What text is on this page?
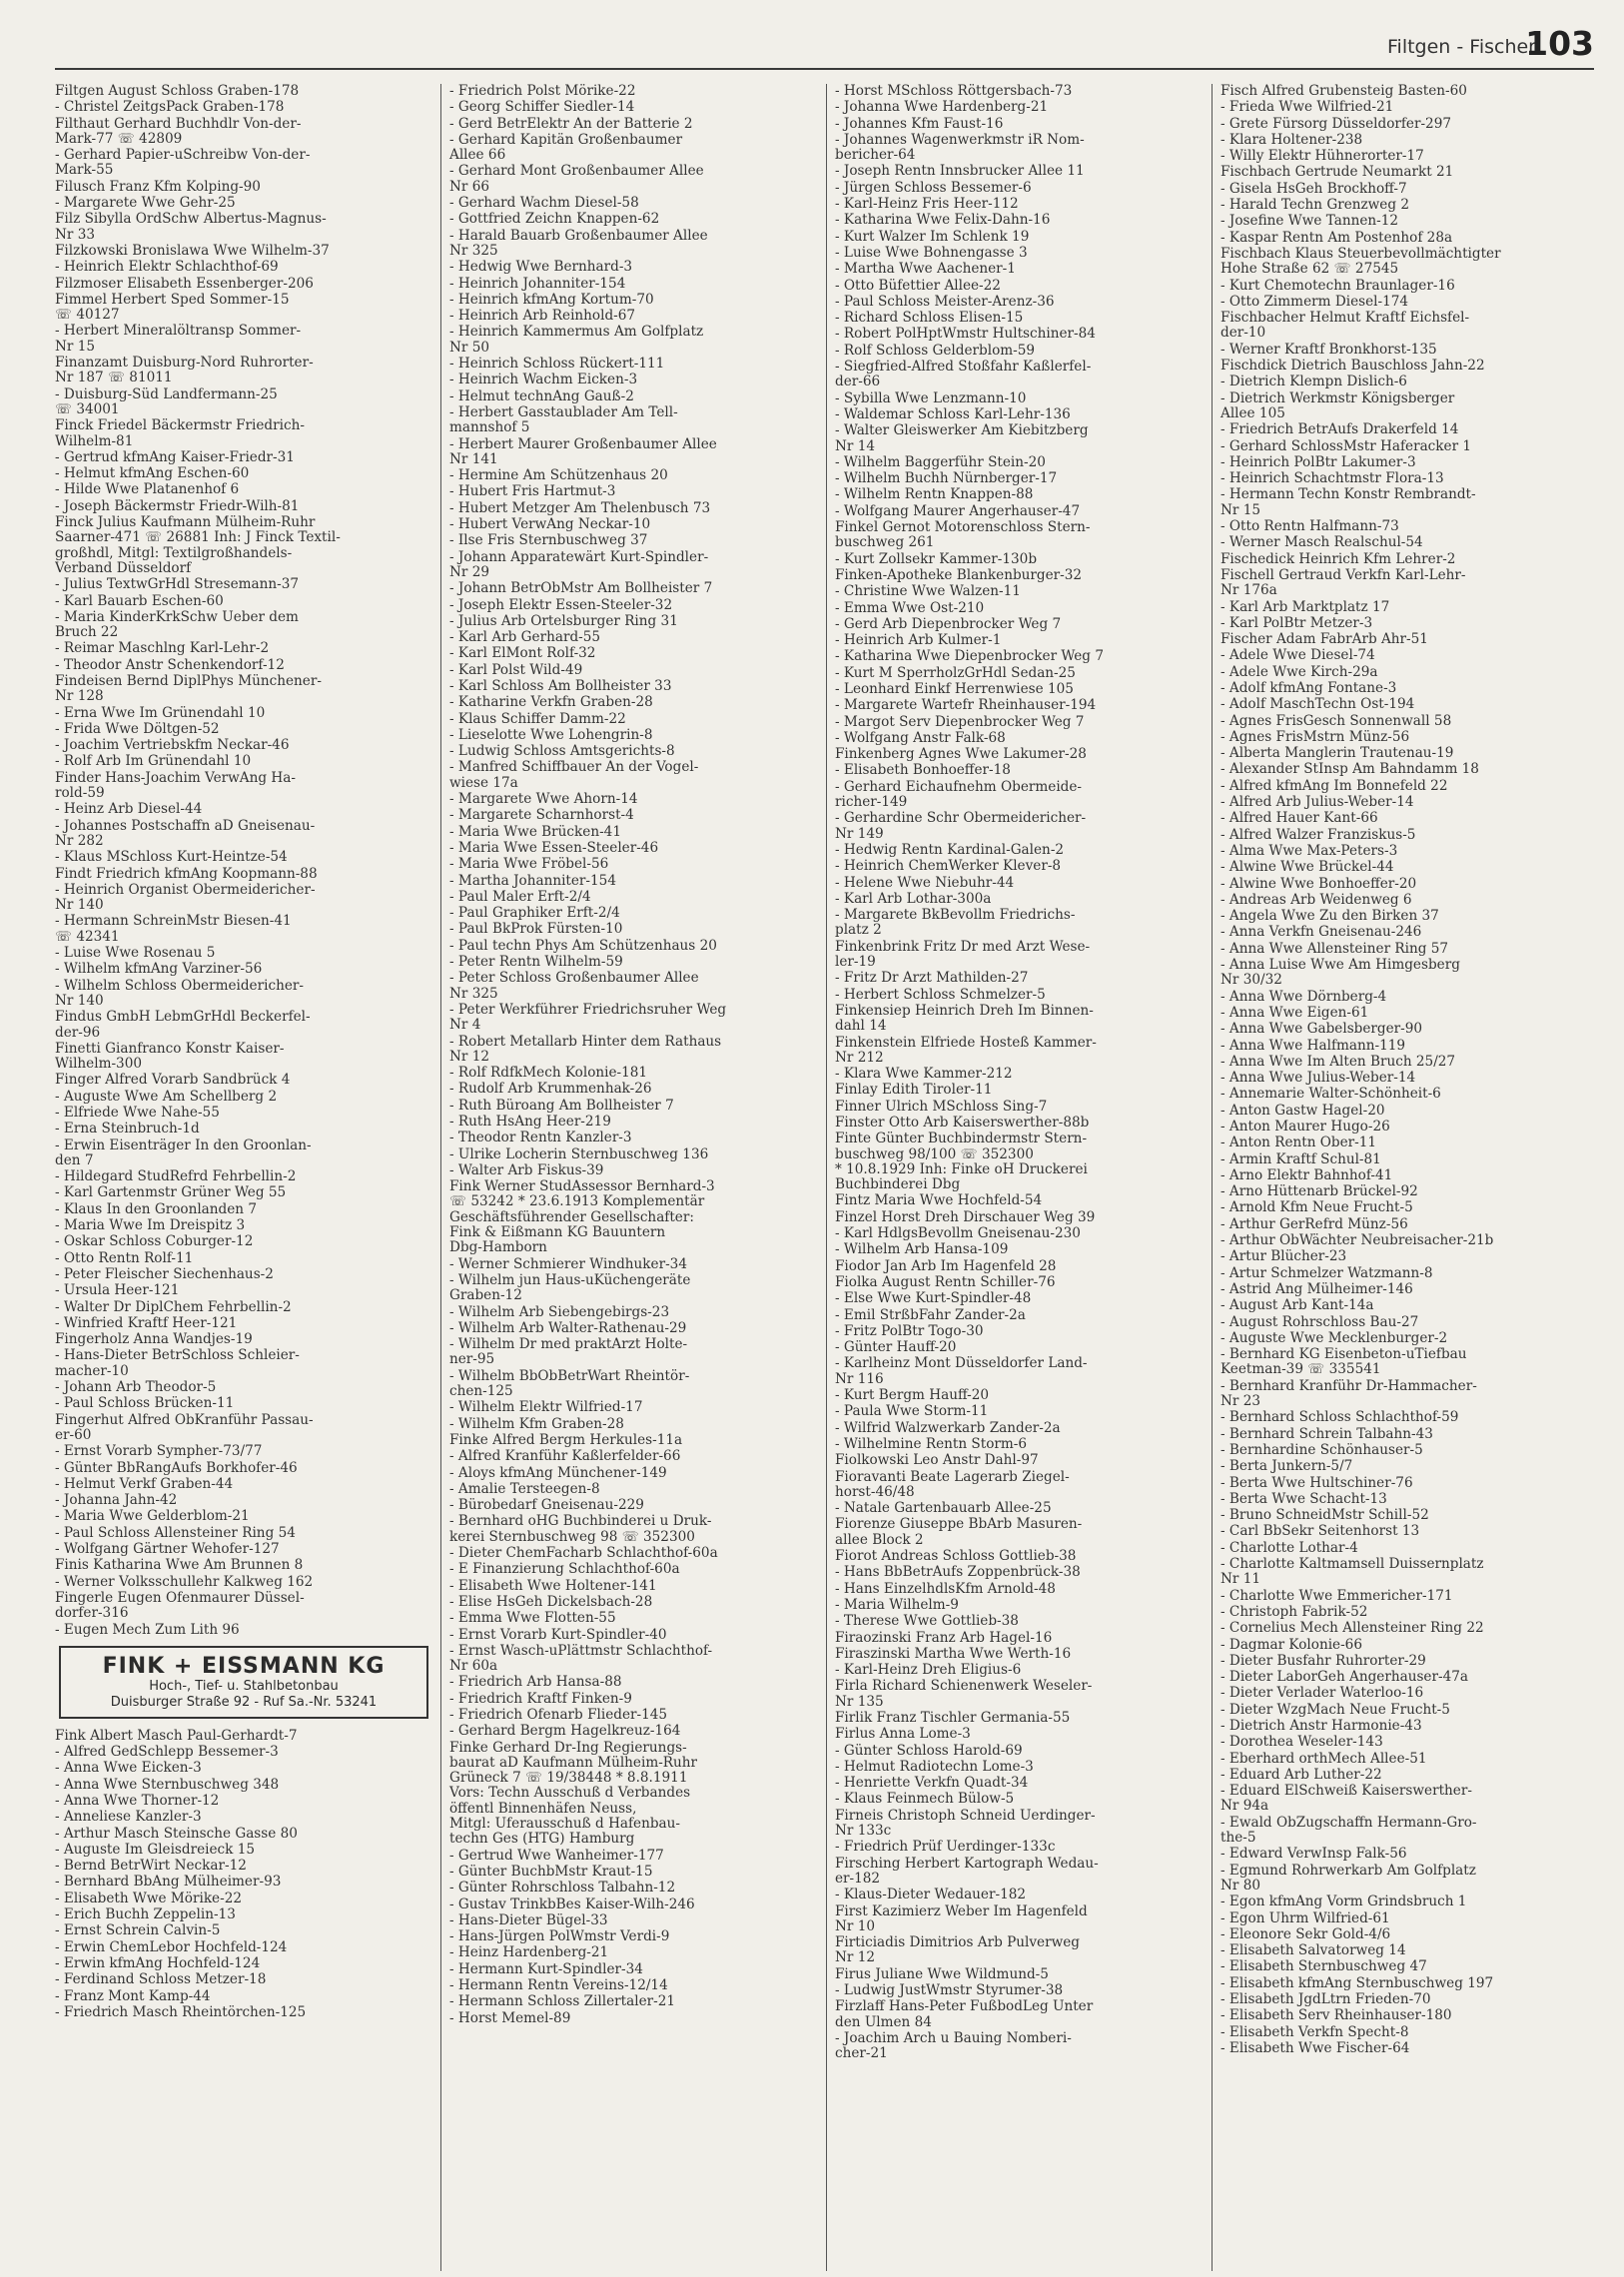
Filtgen - Fischer
103
Filtgen August Schloss Graben-178
- Christel ZeitgsPack Graben-178
Filthaut Gerhard Buchhdlr Von-der-
Mark-77 ☏ 42809
- Gerhard Papier-uSchreibw Von-der-
Mark-55
Filusch Franz Kfm Kolping-90
- Margarete Wwe Gehr-25
Filz Sibylla OrdSchw Albertus-Magnus-
Nr 33
Filzkowski Bronislawa Wwe Wilhelm-37
- Heinrich Elektr Schlachthof-69
Filzmoser Elisabeth Essenberger-206
Fimmel Herbert Sped Sommer-15
☏ 40127
- Herbert Mineralöltransp Sommer-
Nr 15
Finanzamt Duisburg-Nord Ruhrorter-
Nr 187 ☏ 81011
- Duisburg-Süd Landfermann-25
☏ 34001
Finck Friedel Bäckermstr Friedrich-
Wilhelm-81
- Gertrud kfmAng Kaiser-Friedr-31
- Helmut kfmAng Eschen-60
- Hilde Wwe Platanenhof 6
- Joseph Bäckermstr Friedr-Wilh-81
Finck Julius Kaufmann Mülheim-Ruhr
Saarner-471 ☏ 26881 Inh: J Finck Textil-
großhdl, Mitgl: Textilgroßhandels-
Verband Düsseldorf
- Julius TextwGrHdl Stresemann-37
- Karl Bauarb Eschen-60
- Maria KinderKrkSchw Ueber dem
Bruch 22
- Reimar Maschlng Karl-Lehr-2
- Theodor Anstr Schenkendorf-12
Findeisen Bernd DiplPhys Münchener-
Nr 128
- Erna Wwe Im Grünendahl 10
- Frida Wwe Döltgen-52
- Joachim Vertriebskfm Neckar-46
- Rolf Arb Im Grünendahl 10
Finder Hans-Joachim VerwAng Ha-
rold-59
- Heinz Arb Diesel-44
- Johannes Postschaffn aD Gneisenau-
Nr 282
- Klaus MSchloss Kurt-Heintze-54
Findt Friedrich kfmAng Koopmann-88
- Heinrich Organist Obermeidericher-
Nr 140
- Hermann SchreinMstr Biesen-41
☏ 42341
- Luise Wwe Rosenau 5
- Wilhelm kfmAng Varziner-56
- Wilhelm Schloss Obermeidericher-
Nr 140
Findus GmbH LebmGrHdl Beckerfel-
der-96
Finetti Gianfranco Konstr Kaiser-
Wilhelm-300
Finger Alfred Vorarb Sandbrück 4
- Auguste Wwe Am Schellberg 2
- Elfriede Wwe Nahe-55
- Erna Steinbruch-1d
- Erwin Eisenträger In den Groonlan-
den 7
- Hildegard StudRefrd Fehrbellin-2
- Karl Gartenmstr Grüner Weg 55
- Klaus In den Groonlanden 7
- Maria Wwe Im Dreispitz 3
- Oskar Schloss Coburger-12
- Otto Rentn Rolf-11
- Peter Fleischer Siechenhaus-2
- Ursula Heer-121
- Walter Dr DiplChem Fehrbellin-2
- Winfried Kraftf Heer-121
Fingerholz Anna Wandjes-19
- Hans-Dieter BetrSchloss Schleier-
macher-10
- Johann Arb Theodor-5
- Paul Schloss Brücken-11
Fingerhut Alfred ObKranführ Passau-
er-60
- Ernst Vorarb Sympher-73/77
- Günter BbRangAufs Borkhofer-46
- Helmut Verkf Graben-44
- Johanna Jahn-42
- Maria Wwe Gelderblom-21
- Paul Schloss Allensteiner Ring 54
- Wolfgang Gärtner Wehofer-127
Finis Katharina Wwe Am Brunnen 8
- Werner Volksschullehr Kalkweg 162
Fingerle Eugen Ofenmaurer Düssel-
dorfer-316
- Eugen Mech Zum Lith 96
FINK + EISSMANN KG
Hoch-, Tief- u. Stahlbetonbau
Duisburger Straße 92 - Ruf Sa.-Nr. 53241
Fink Albert Masch Paul-Gerhardt-7
- Alfred GedSchlepp Bessemer-3
- Anna Wwe Eicken-3
- Anna Wwe Sternbuschweg 348
- Anna Wwe Thorner-12
- Anneliese Kanzler-3
- Arthur Masch Steinsche Gasse 80
- Auguste Im Gleisdreieck 15
- Bernd BetrWirt Neckar-12
- Bernhard BbAng Mülheimer-93
- Elisabeth Wwe Mörike-22
- Erich Buchh Zeppelin-13
- Ernst Schrein Calvin-5
- Erwin ChemLebor Hochfeld-124
- Erwin kfmAng Hochfeld-124
- Ferdinand Schloss Metzer-18
- Franz Mont Kamp-44
- Friedrich Masch Rheintörchen-125
- Friedrich Polst Mörike-22
- Georg Schiffer Siedler-14
- Gerd BetrElektr An der Batterie 2
- Gerhard Kapitän Großenbaumer
Allee 66
- Gerhard Mont Großenbaumer Allee
Nr 66
- Gerhard Wachm Diesel-58
- Gottfried Zeichn Knappen-62
- Harald Bauarb Großenbaumer Allee
Nr 325
- Hedwig Wwe Bernhard-3
- Heinrich Johanniter-154
- Heinrich kfmAng Kortum-70
- Heinrich Arb Reinhold-67
- Heinrich Kammermus Am Golfplatz
Nr 50
- Heinrich Schloss Rückert-111
- Heinrich Wachm Eicken-3
- Helmut technAng Gauß-2
- Herbert Gasstaublader Am Tell-
mannshof 5
- Herbert Maurer Großenbaumer Allee
Nr 141
- Hermine Am Schützenhaus 20
- Hubert Fris Hartmut-3
- Hubert Metzger Am Thelenbusch 73
- Hubert VerwAng Neckar-10
- Ilse Fris Sternbuschweg 37
- Johann Apparatewärt Kurt-Spindler-
Nr 29
- Johann BetrObMstr Am Bollheister 7
- Joseph Elektr Essen-Steeler-32
- Julius Arb Ortelsburger Ring 31
- Karl Arb Gerhard-55
- Karl ElMont Rolf-32
- Karl Polst Wild-49
- Karl Schloss Am Bollheister 33
- Katharine Verkfn Graben-28
- Klaus Schiffer Damm-22
- Lieselotte Wwe Lohengrin-8
- Ludwig Schloss Amtsgerichts-8
- Manfred Schiffbauer An der Vogel-
wiese 17a
- Margarete Wwe Ahorn-14
- Margarete Scharnhorst-4
- Maria Wwe Brücken-41
- Maria Wwe Essen-Steeler-46
- Maria Wwe Fröbel-56
- Martha Johanniter-154
- Paul Maler Erft-2/4
- Paul Graphiker Erft-2/4
- Paul BkProk Fürsten-10
- Paul techn Phys Am Schützenhaus 20
- Peter Rentn Wilhelm-59
- Peter Schloss Großenbaumer Allee
Nr 325
- Peter Werkführer Friedrichsruher Weg
Nr 4
- Robert Metallarb Hinter dem Rathaus
Nr 12
- Rolf RdfkMech Kolonie-181
- Rudolf Arb Krummenhak-26
- Ruth Büroang Am Bollheister 7
- Ruth HsAng Heer-219
- Theodor Rentn Kanzler-3
- Ulrike Locherin Sternbuschweg 136
- Walter Arb Fiskus-39
Fink Werner StudAssessor Bernhard-3
☏ 53242 * 23.6.1913 Komplementär
Geschäftsführender Gesellschafter:
Fink & Eißmann KG Bauuntern
Dbg-Hamborn
- Werner Schmierer Windhuker-34
- Wilhelm jun Haus-uKüchengeräte
Graben-12
- Wilhelm Arb Siebengebirgs-23
- Wilhelm Arb Walter-Rathenau-29
- Wilhelm Dr med praktArzt Holte-
ner-95
- Wilhelm BbObBetrWart Rheintör-
chen-125
- Wilhelm Elektr Wilfried-17
- Wilhelm Kfm Graben-28
Finke Alfred Bergm Herkules-11a
- Alfred Kranführ Kaßlerfelder-66
- Aloys kfmAng Münchener-149
- Amalie Tersteegen-8
- Bürobedarf Gneisenau-229
- Bernhard oHG Buchbinderei u Druk-
kerei Sternbuschweg 98 ☏ 352300
- Dieter ChemFacharb Schlachthof-60a
- E Finanzierung Schlachthof-60a
- Elisabeth Wwe Holtener-141
- Elise HsGeh Dickelsbach-28
- Emma Wwe Flotten-55
- Ernst Vorarb Kurt-Spindler-40
- Ernst Wasch-uPlättmstr Schlachthof-
Nr 60a
- Friedrich Arb Hansa-88
- Friedrich Kraftf Finken-9
- Friedrich Ofenarb Flieder-145
- Gerhard Bergm Hagelkreuz-164
Finke Gerhard Dr-Ing Regierungs-
baurat aD Kaufmann Mülheim-Ruhr
Grüneck 7 ☏ 19/38448 * 8.8.1911
Vors: Techn Ausschuß d Verbandes
öffentl Binnenhäfen Neuss,
Mitgl: Uferausschuß d Hafenbau-
techn Ges (HTG) Hamburg
- Gertrud Wwe Wanheimer-177
- Günter BuchbMstr Kraut-15
- Günter Rohrschloss Talbahn-12
- Gustav TrinkbBes Kaiser-Wilh-246
- Hans-Dieter Bügel-33
- Hans-Jürgen PolWmstr Verdi-9
- Heinz Hardenberg-21
- Hermann Kurt-Spindler-34
- Hermann Rentn Vereins-12/14
- Hermann Schloss Zillertaler-21
- Horst Memel-89
- Horst MSchloss Röttgersbach-73
- Johanna Wwe Hardenberg-21
- Johannes Kfm Faust-16
- Johannes Wagenwerkmstr iR Nom-
bericher-64
- Joseph Rentn Innsbrucker Allee 11
- Jürgen Schloss Bessemer-6
- Karl-Heinz Fris Heer-112
- Katharina Wwe Felix-Dahn-16
- Kurt Walzer Im Schlenk 19
- Luise Wwe Bohnengasse 3
- Martha Wwe Aachener-1
- Otto Büfettier Allee-22
- Paul Schloss Meister-Arenz-36
- Richard Schloss Elisen-15
- Robert PolHptWmstr Hultschiner-84
- Rolf Schloss Gelderblom-59
- Siegfried-Alfred Stoßfahr Kaßlerfel-
der-66
- Sybilla Wwe Lenzmann-10
- Waldemar Schloss Karl-Lehr-136
- Walter Gleiswerker Am Kiebitzberg
Nr 14
- Wilhelm Baggerführ Stein-20
- Wilhelm Buchh Nürnberger-17
- Wilhelm Rentn Knappen-88
- Wolfgang Maurer Angerhauser-47
Finkel Gernot Motorenschloss Stern-
buschweg 261
- Kurt Zollsekr Kammer-130b
Finken-Apotheke Blankenburger-32
- Christine Wwe Walzen-11
- Emma Wwe Ost-210
- Gerd Arb Diepenbrocker Weg 7
- Heinrich Arb Kulmer-1
- Katharina Wwe Diepenbrocker Weg 7
- Kurt M SperrholzGrHdl Sedan-25
- Leonhard Einkf Herrenwiese 105
- Margarete Wartefr Rheinhauser-194
- Margot Serv Diepenbrocker Weg 7
- Wolfgang Anstr Falk-68
Finkenberg Agnes Wwe Lakumer-28
- Elisabeth Bonhoeffer-18
- Gerhard Eichaufnehm Obermeide-
richer-149
- Gerhardine Schr Obermeidericher-
Nr 149
- Hedwig Rentn Kardinal-Galen-2
- Heinrich ChemWerker Klever-8
- Helene Wwe Niebuhr-44
- Karl Arb Lothar-300a
- Margarete BkBevollm Friedrichs-
platz 2
Finkenbrink Fritz Dr med Arzt Wese-
ler-19
- Fritz Dr Arzt Mathilden-27
- Herbert Schloss Schmelzer-5
Finkensiep Heinrich Dreh Im Binnen-
dahl 14
Finkenstein Elfriede Hosteß Kammer-
Nr 212
- Klara Wwe Kammer-212
Finlay Edith Tiroler-11
Finner Ulrich MSchloss Sing-7
Finster Otto Arb Kaiserswerther-88b
Finte Günter Buchbindermstr Stern-
buschweg 98/100 ☏ 352300
* 10.8.1929 Inh: Finke oH Druckerei
Buchbinderei Dbg
Fintz Maria Wwe Hochfeld-54
Finzel Horst Dreh Dirschauer Weg 39
- Karl HdlgsBevollm Gneisenau-230
- Wilhelm Arb Hansa-109
Fiodor Jan Arb Im Hagenfeld 28
Fiolka August Rentn Schiller-76
- Else Wwe Kurt-Spindler-48
- Emil StrßbFahr Zander-2a
- Fritz PolBtr Togo-30
- Günter Hauff-20
- Karlheinz Mont Düsseldorfer Land-
Nr 116
- Kurt Bergm Hauff-20
- Paula Wwe Storm-11
- Wilfrid Walzwerkarb Zander-2a
- Wilhelmine Rentn Storm-6
Fiolkowski Leo Anstr Dahl-97
Fioravanti Beate Lagerarb Ziegel-
horst-46/48
- Natale Gartenbauarb Allee-25
Fiorenze Giuseppe BbArb Masuren-
allee Block 2
Fiorot Andreas Schloss Gottlieb-38
- Hans BbBetrAufs Zoppenbrück-38
- Hans EinzelhdlsKfm Arnold-48
- Maria Wilhelm-9
- Therese Wwe Gottlieb-38
Firaozinski Franz Arb Hagel-16
Firaszinski Martha Wwe Werth-16
- Karl-Heinz Dreh Eligius-6
Firla Richard Schienenwerk Weseler-
Nr 135
Firlik Franz Tischler Germania-55
Firlus Anna Lome-3
- Günter Schloss Harold-69
- Helmut Radiotechn Lome-3
- Henriette Verkfn Quadt-34
- Klaus Feinmech Bülow-5
Firneis Christoph Schneid Uerdinger-
Nr 133c
- Friedrich Prüf Uerdinger-133c
Firsching Herbert Kartograph Wedau-
er-182
- Klaus-Dieter Wedauer-182
First Kazimierz Weber Im Hagenfeld
Nr 10
Firticiadis Dimitrios Arb Pulverweg
Nr 12
Firus Juliane Wwe Wildmund-5
- Ludwig JustWmstr Styrumer-38
Firzlaff Hans-Peter FußbodLeg Unter
den Ulmen 84
- Joachim Arch u Bauing Nomberi-
cher-21
Fisch Alfred Grubensteig Basten-60
- Frieda Wwe Wilfried-21
- Grete Fürsorg Düsseldorfer-297
- Klara Holtener-238
- Willy Elektr Hühnerorter-17
Fischbach Gertrude Neumarkt 21
- Gisela HsGeh Brockhoff-7
- Harald Techn Grenzweg 2
- Josefine Wwe Tannen-12
- Kaspar Rentn Am Postenhof 28a
Fischbach Klaus Steuerbevollmächtigter
Hohe Straße 62 ☏ 27545
- Kurt Chemotechn Braunlager-16
- Otto Zimmerm Diesel-174
Fischbacher Helmut Kraftf Eichsfel-
der-10
- Werner Kraftf Bronkhorst-135
Fischdick Dietrich Bauschloss Jahn-22
- Dietrich Klempn Dislich-6
- Dietrich Werkmstr Königsberger
Allee 105
- Friedrich BetrAufs Drakerfeld 14
- Gerhard SchlossMstr Haferacker 1
- Heinrich PolBtr Lakumer-3
- Heinrich Schachtmstr Flora-13
- Hermann Techn Konstr Rembrandt-
Nr 15
- Otto Rentn Halfmann-73
- Werner Masch Realschul-54
Fischedick Heinrich Kfm Lehrer-2
Fischell Gertraud Verkfn Karl-Lehr-
Nr 176a
- Karl Arb Marktplatz 17
- Karl PolBtr Metzer-3
Fischer Adam FabrArb Ahr-51
- Adele Wwe Diesel-74
- Adele Wwe Kirch-29a
- Adolf kfmAng Fontane-3
- Adolf MaschTechn Ost-194
- Agnes FrisGesch Sonnenwall 58
- Agnes FrisMstrn Münz-56
- Alberta Manglerin Trautenau-19
- Alexander StInsp Am Bahndamm 18
- Alfred kfmAng Im Bonnefeld 22
- Alfred Arb Julius-Weber-14
- Alfred Hauer Kant-66
- Alfred Walzer Franziskus-5
- Alma Wwe Max-Peters-3
- Alwine Wwe Brückel-44
- Alwine Wwe Bonhoeffer-20
- Andreas Arb Weidenweg 6
- Angela Wwe Zu den Birken 37
- Anna Verkfn Gneisenau-246
- Anna Wwe Allensteiner Ring 57
- Anna Luise Wwe Am Himgesberg
Nr 30/32
- Anna Wwe Dörnberg-4
- Anna Wwe Eigen-61
- Anna Wwe Gabelsberger-90
- Anna Wwe Halfmann-119
- Anna Wwe Im Alten Bruch 25/27
- Anna Wwe Julius-Weber-14
- Annemarie Walter-Schönheit-6
- Anton Gastw Hagel-20
- Anton Maurer Hugo-26
- Anton Rentn Ober-11
- Armin Kraftf Schul-81
- Arno Elektr Bahnhof-41
- Arno Hüttenarb Brückel-92
- Arnold Kfm Neue Frucht-5
- Arthur GerRefrd Münz-56
- Arthur ObWächter Neubreisacher-21b
- Artur Blücher-23
- Artur Schmelzer Watzmann-8
- Astrid Ang Mülheimer-146
- August Arb Kant-14a
- August Rohrschloss Bau-27
- Auguste Wwe Mecklenburger-2
- Bernhard KG Eisenbeton-uTiefbau
Keetman-39 ☏ 335541
- Bernhard Kranführ Dr-Hammacher-
Nr 23
- Bernhard Schloss Schlachthof-59
- Bernhard Schrein Talbahn-43
- Bernhardine Schönhauser-5
- Berta Junkern-5/7
- Berta Wwe Hultschiner-76
- Berta Wwe Schacht-13
- Bruno SchneidMstr Schill-52
- Carl BbSekr Seitenhorst 13
- Charlotte Lothar-4
- Charlotte Kaltmamsell Duissernplatz
Nr 11
- Charlotte Wwe Emmericher-171
- Christoph Fabrik-52
- Cornelius Mech Allensteiner Ring 22
- Dagmar Kolonie-66
- Dieter Busfahr Ruhrorter-29
- Dieter LaborGeh Angerhauser-47a
- Dieter Verlader Waterloo-16
- Dieter WzgMach Neue Frucht-5
- Dietrich Anstr Harmonie-43
- Dorothea Weseler-143
- Eberhard orthMech Allee-51
- Eduard Arb Luther-22
- Eduard ElSchweiß Kaiserswerther-
Nr 94a
- Ewald ObZugschaffn Hermann-Gro-
the-5
- Edward VerwInsp Falk-56
- Egmund Rohrwerkarb Am Golfplatz
Nr 80
- Egon kfmAng Vorm Grindsbruch 1
- Egon Uhrm Wilfried-61
- Eleonore Sekr Gold-4/6
- Elisabeth Salvatorweg 14
- Elisabeth Sternbuschweg 47
- Elisabeth kfmAng Sternbuschweg 197
- Elisabeth JgdLtrn Frieden-70
- Elisabeth Serv Rheinhauser-180
- Elisabeth Verkfn Specht-8
- Elisabeth Wwe Fischer-64
